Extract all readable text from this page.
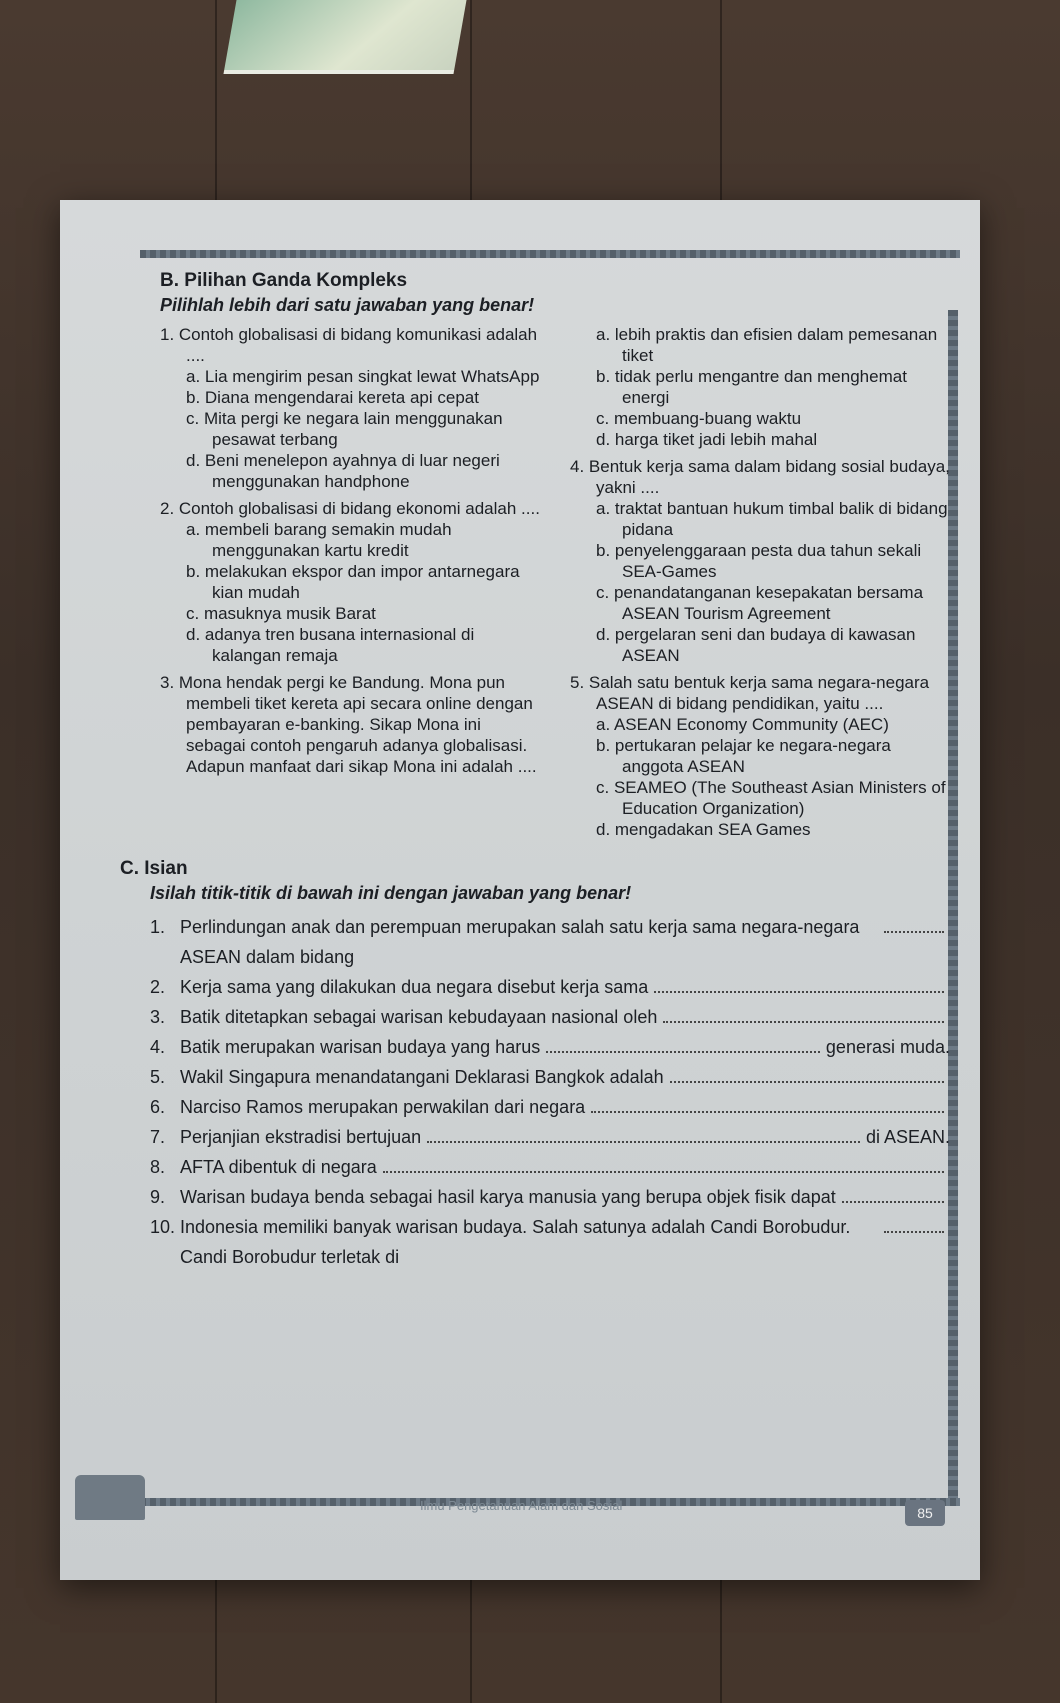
B. Pilihan Ganda Kompleks
Pilihlah lebih dari satu jawaban yang benar!
1. Contoh globalisasi di bidang komunikasi adalah ....
a. Lia mengirim pesan singkat lewat WhatsApp
b. Diana mengendarai kereta api cepat
c. Mita pergi ke negara lain menggunakan pesawat terbang
d. Beni menelepon ayahnya di luar negeri menggunakan handphone
2. Contoh globalisasi di bidang ekonomi adalah ....
a. membeli barang semakin mudah menggunakan kartu kredit
b. melakukan ekspor dan impor antarnegara kian mudah
c. masuknya musik Barat
d. adanya tren busana internasional di kalangan remaja
3. Mona hendak pergi ke Bandung. Mona pun membeli tiket kereta api secara online dengan pembayaran e-banking. Sikap Mona ini sebagai contoh pengaruh adanya globalisasi. Adapun manfaat dari sikap Mona ini adalah ....
a. lebih praktis dan efisien dalam pemesanan tiket
b. tidak perlu mengantre dan menghemat energi
c. membuang-buang waktu
d. harga tiket jadi lebih mahal
4. Bentuk kerja sama dalam bidang sosial budaya, yakni ....
a. traktat bantuan hukum timbal balik di bidang pidana
b. penyelenggaraan pesta dua tahun sekali SEA-Games
c. penandatanganan kesepakatan bersama ASEAN Tourism Agreement
d. pergelaran seni dan budaya di kawasan ASEAN
5. Salah satu bentuk kerja sama negara-negara ASEAN di bidang pendidikan, yaitu ....
a. ASEAN Economy Community (AEC)
b. pertukaran pelajar ke negara-negara anggota ASEAN
c. SEAMEO (The Southeast Asian Ministers of Education Organization)
d. mengadakan SEA Games
C. Isian
Isilah titik-titik di bawah ini dengan jawaban yang benar!
1. Perlindungan anak dan perempuan merupakan salah satu kerja sama negara-negara ASEAN dalam bidang
2. Kerja sama yang dilakukan dua negara disebut kerja sama
3. Batik ditetapkan sebagai warisan kebudayaan nasional oleh
4. Batik merupakan warisan budaya yang harus	generasi muda.
5. Wakil Singapura menandatangani Deklarasi Bangkok adalah
6. Narciso Ramos merupakan perwakilan dari negara
7. Perjanjian ekstradisi bertujuan	di ASEAN.
8. AFTA dibentuk di negara
9. Warisan budaya benda sebagai hasil karya manusia yang berupa objek fisik dapat
10. Indonesia memiliki banyak warisan budaya. Salah satunya adalah Candi Borobudur. Candi Borobudur terletak di
Ilmu Pengetahuan Alam dan Sosial	85
